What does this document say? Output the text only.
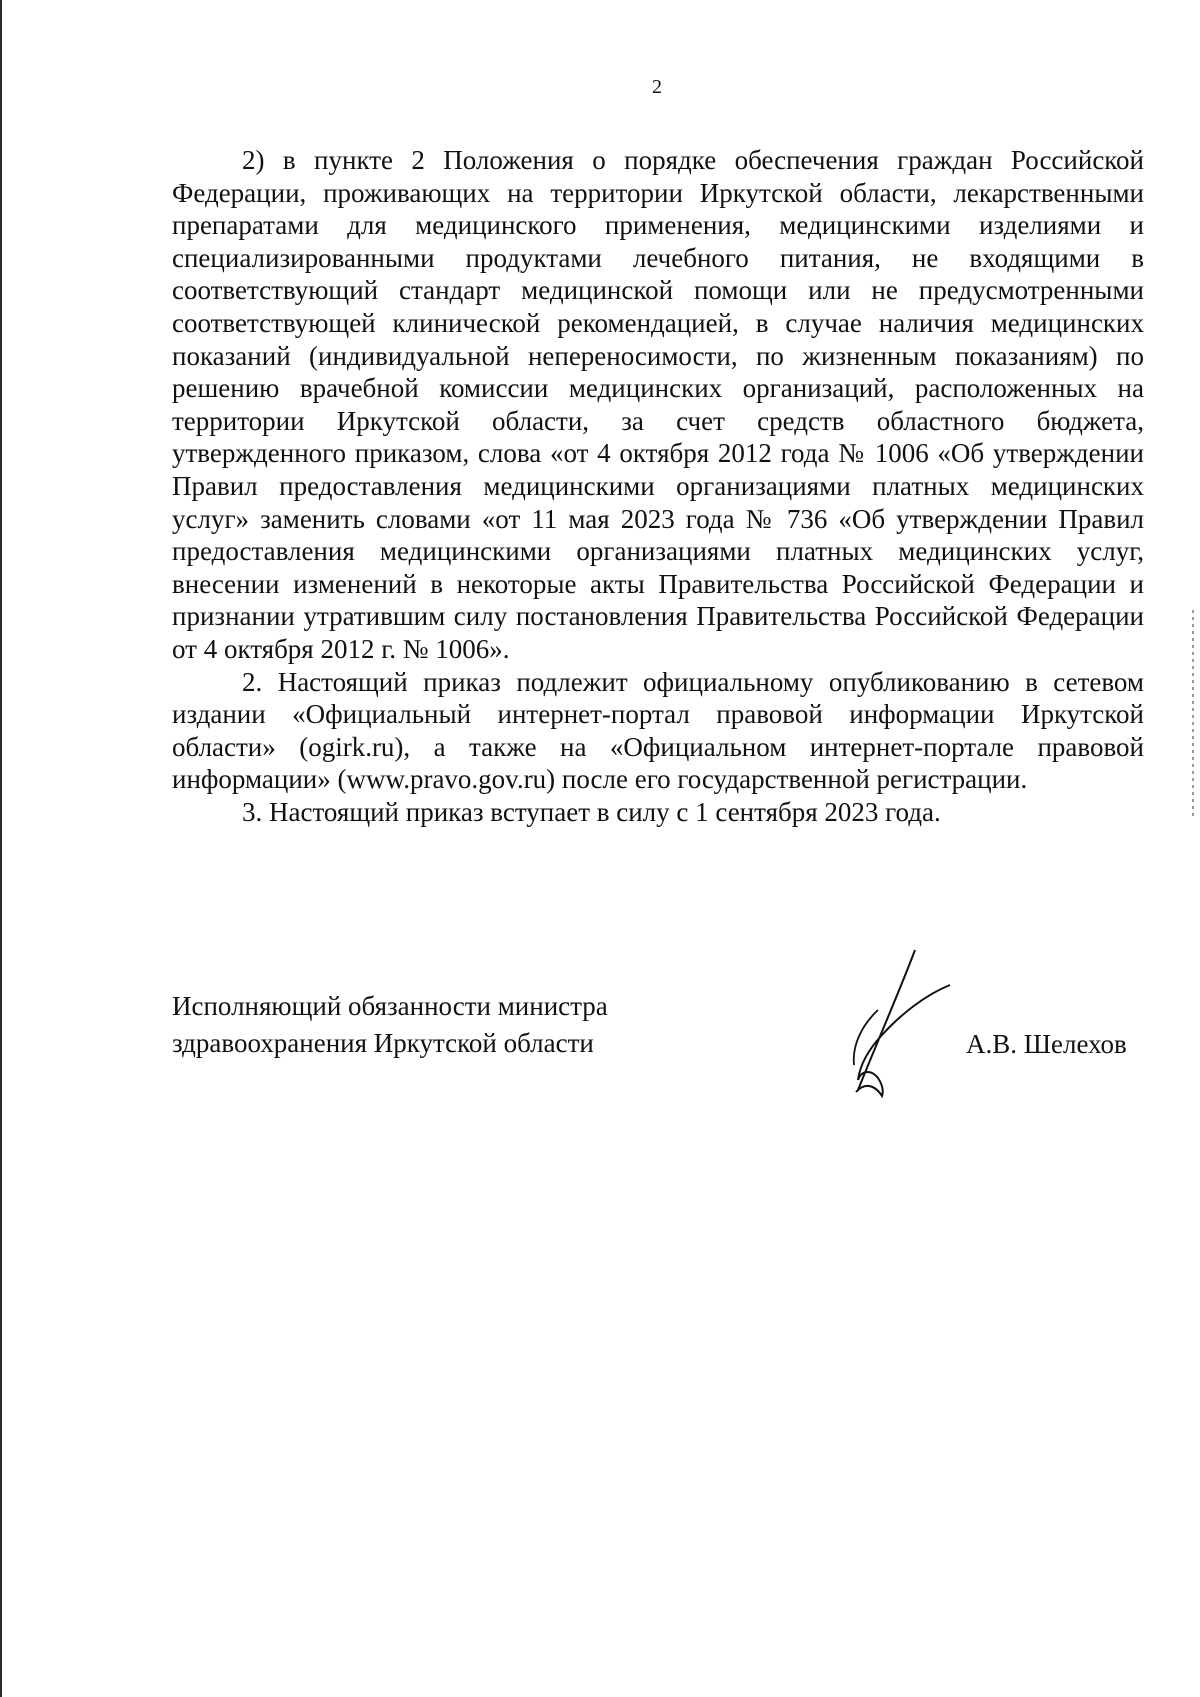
2

2) в пункте 2 Положения о порядке обеспечения граждан Российской Федерации, проживающих на территории Иркутской области, лекарственными препаратами для медицинского применения, медицинскими изделиями и специализированными продуктами лечебного питания, не входящими в соответствующий стандарт медицинской помощи или не предусмотренными соответствующей клинической рекомендацией, в случае наличия медицинских показаний (индивидуальной непереносимости, по жизненным показаниям) по решению врачебной комиссии медицинских организаций, расположенных на территории Иркутской области, за счет средств областного бюджета, утвержденного приказом, слова «от 4 октября 2012 года № 1006 «Об утверждении Правил предоставления медицинскими организациями платных медицинских услуг» заменить словами «от 11 мая 2023 года № 736 «Об утверждении Правил предоставления медицинскими организациями платных медицинских услуг, внесении изменений в некоторые акты Правительства Российской Федерации и признании утратившим силу постановления Правительства Российской Федерации от 4 октября 2012 г. № 1006».

2. Настоящий приказ подлежит официальному опубликованию в сетевом издании «Официальный интернет-портал правовой информации Иркутской области» (ogirk.ru), а также на «Официальном интернет-портале правовой информации» (www.pravo.gov.ru) после его государственной регистрации.

3. Настоящий приказ вступает в силу с 1 сентября 2023 года.

Исполняющий обязанности министра
здравоохранения Иркутской области	А.В. Шелехов
